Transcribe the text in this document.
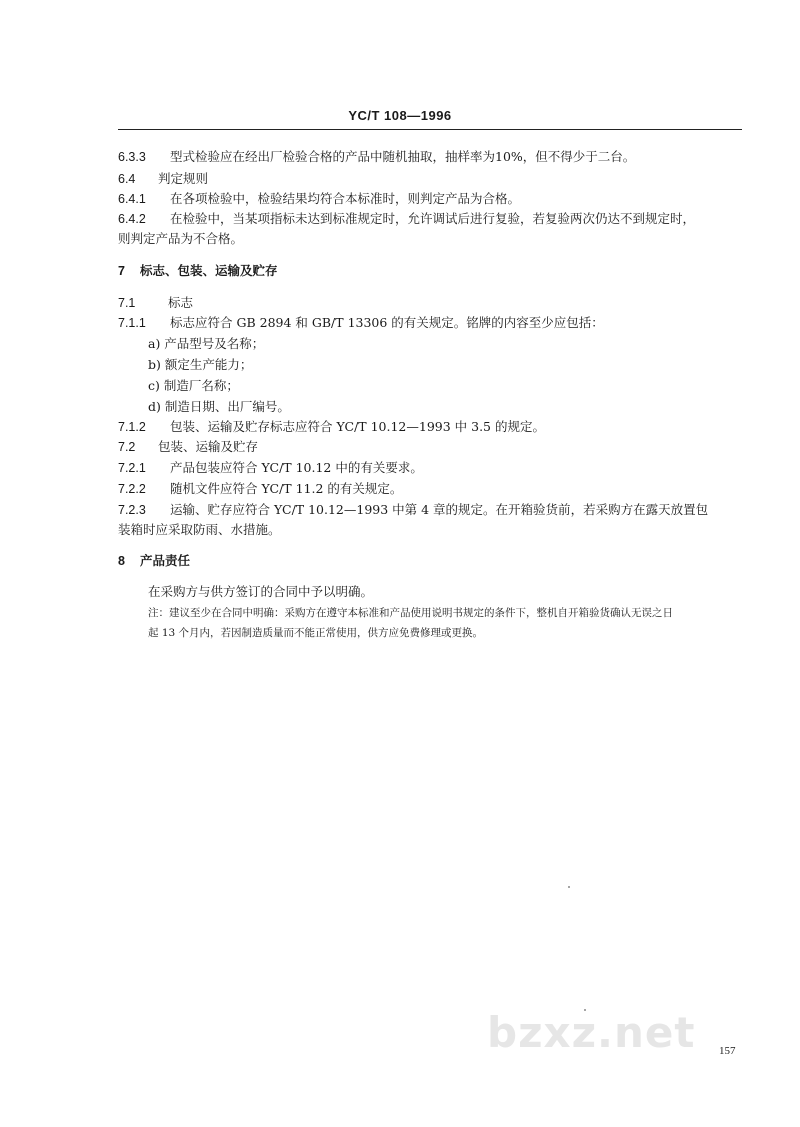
YC/T 108—1996
6.3.3 型式检验应在经出厂检验合格的产品中随机抽取，抽样率为10%，但不得少于二台。
6.4 判定规则
6.4.1 在各项检验中，检验结果均符合本标准时，则判定产品为合格。
6.4.2 在检验中，当某项指标未达到标准规定时，允许调试后进行复验，若复验两次仍达不到规定时，
则判定产品为不合格。
7 标志、包装、运输及贮存
7.1	标志
7.1.1 标志应符合 GB 2894 和 GB/T 13306 的有关规定。铭牌的内容至少应包括：
a) 产品型号及名称；
b) 额定生产能力；
c) 制造厂名称；
d) 制造日期、出厂编号。
7.1.2 包装、运输及贮存标志应符合 YC/T 10.12—1993 中 3.5 的规定。
7.2 包装、运输及贮存
7.2.1 产品包装应符合 YC/T 10.12 中的有关要求。
7.2.2 随机文件应符合 YC/T 11.2 的有关规定。
7.2.3 运输、贮存应符合 YC/T 10.12—1993 中第 4 章的规定。在开箱验货前，若采购方在露天放置包
装箱时应采取防雨、水措施。
8 产品责任
在采购方与供方签订的合同中予以明确。
注：建议至少在合同中明确：采购方在遵守本标准和产品使用说明书规定的条件下，整机自开箱验货确认无误之日
起 13 个月内，若因制造质量而不能正常使用，供方应免费修理或更换。
bzxz.net 157
